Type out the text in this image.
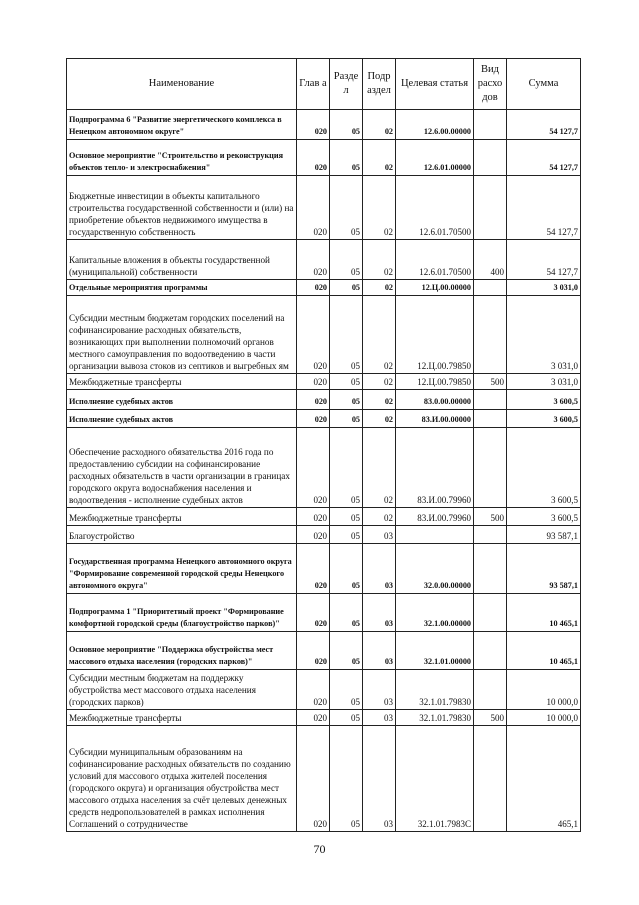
Наименование	Глав а	Разде л	Подр аздел	Целевая статья	Вид расхо дов	Сумма
Подпрограмма 6 "Развитие энергетического комплекса в Ненецком автономном округе"	020	05	02	12.6.00.00000		54 127,7
Основное мероприятие "Строительство и реконструкция объектов тепло- и электроснабжения"	020	05	02	12.6.01.00000		54 127,7
Бюджетные инвестиции в объекты капитального строительства государственной собственности и (или) на приобретение объектов недвижимого имущества в государственную собственность	020	05	02	12.6.01.70500		54 127,7
Капитальные вложения в объекты государственной (муниципальной) собственности	020	05	02	12.6.01.70500	400	54 127,7
Отдельные мероприятия программы	020	05	02	12.Ц.00.00000		3 031,0
Субсидии местным бюджетам городских поселений на софинансирование расходных обязательств, возникающих при выполнении полномочий органов местного самоуправления по водоотведению в части организации вывоза стоков из септиков и выгребных ям	020	05	02	12.Ц.00.79850		3 031,0
Межбюджетные трансферты	020	05	02	12.Ц.00.79850	500	3 031,0
Исполнение судебных актов	020	05	02	83.0.00.00000		3 600,5
Исполнение судебных актов	020	05	02	83.И.00.00000		3 600,5
Обеспечение расходного обязательства 2016 года по предоставлению субсидии на софинансирование расходных обязательств в части организации в границах городского округа водоснабжения населения и водоотведения - исполнение судебных актов	020	05	02	83.И.00.79960		3 600,5
Межбюджетные трансферты	020	05	02	83.И.00.79960	500	3 600,5
Благоустройство	020	05	03			93 587,1
Государственная программа Ненецкого автономного округа "Формирование современной городской среды Ненецкого автономного округа"	020	05	03	32.0.00.00000		93 587,1
Подпрограмма 1 "Приоритетный проект "Формирование комфортной городской среды (благоустройство парков)"	020	05	03	32.1.00.00000		10 465,1
Основное мероприятие "Поддержка обустройства мест массового отдыха населения (городских парков)"	020	05	03	32.1.01.00000		10 465,1
Субсидии местным бюджетам на поддержку обустройства мест массового отдыха населения (городских парков)	020	05	03	32.1.01.79830		10 000,0
Межбюджетные трансферты	020	05	03	32.1.01.79830	500	10 000,0
Субсидии муниципальным образованиям на софинансирование расходных обязательств по созданию условий для массового отдыха жителей поселения (городского округа) и организация обустройства мест массового отдыха населения за счёт целевых денежных средств недропользователей в рамках исполнения Соглашений о сотрудничестве	020	05	03	32.1.01.7983С		465,1
70
